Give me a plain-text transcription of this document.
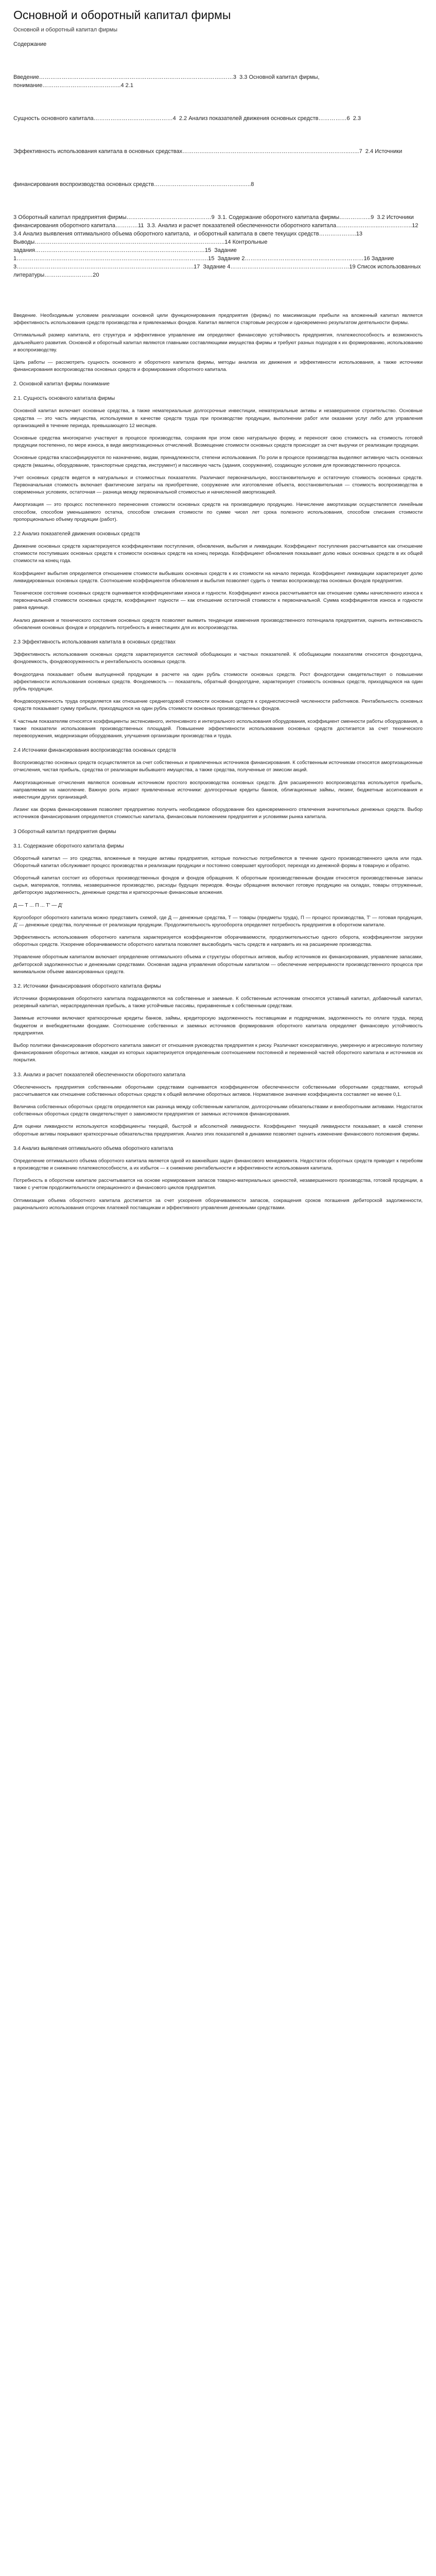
Основной и оборотный капитал фирмы
Основной и оборотный капитал фирмы
Содержание

Введение…………………………………………………………………………………….……3  3.3 Основной капитал фирмы, понимание…………………………………...4 2.1

Сущность основного капитала……………………………………4  2.2 Анализ показателей движения основных средств……………6  2.3

Эффективность использования капитала в основных средствах…………..………………………………………………….……………..…...7  2.4 Источники

финансирования воспроизводства основных средств………………………………………..…..8

3 Оборотный капитал предприятия фирмы………………………………………9  3.1. Содержание оборотного капитала фирмы……………..9  3.2 Источники финансирования оборотного капитала…………11  3.3. Анализ и расчет показателей обеспеченности оборотного капитала…………………..……….……..12  3.4 Анализ выявления оптимального объема оборотного капитала,  и оборотный капитала в свете текущих средств………………..13 Выводы………………………………………………………………………………………..14 Контрольные задания………………………………………………………………………………15  Задание 1……………………………………..………………………………………………….15  Задание 2………………………………………………………16 Задание 3………………………………………………………………………………….17  Задание 4………………………………………………………19 Список использованных литературы…………..…………20

Введение. Необходимым условием реализации основной цели функционирования предприятия (фирмы) по максимизации прибыли на вложенный капитал является эффективность использования средств производства и привлекаемых фондов. Капитал является стартовым ресурсом и одновременно результатом деятельности фирмы.

Оптимальный размер капитала, его структура и эффективное управление им определяют финансовую устойчивость предприятия, платежеспособность и возможность дальнейшего развития. Основной и оборотный капитал являются главными составляющими имущества фирмы и требуют разных подходов к их формированию, использованию и воспроизводству.

Цель работы — рассмотреть сущность основного и оборотного капитала фирмы, методы анализа их движения и эффективности использования, а также источники финансирования воспроизводства основных средств и формирования оборотного капитала.

2. Основной капитал фирмы понимание
2.1. Сущность основного капитала фирмы

Основной капитал включает основные средства, а также нематериальные долгосрочные инвестиции, нематериальные активы и незавершенное строительство. Основные средства — это часть имущества, используемая в качестве средств труда при производстве продукции, выполнении работ или оказании услуг либо для управления организацией в течение периода, превышающего 12 месяцев.

Основные средства многократно участвуют в процессе производства, сохраняя при этом свою натуральную форму, и переносят свою стоимость на стоимость готовой продукции постепенно, по мере износа, в виде амортизационных отчислений. Возмещение стоимости основных средств происходит за счет выручки от реализации продукции.

Основные средства классифицируются по назначению, видам, принадлежности, степени использования. По роли в процессе производства выделяют активную часть основных средств (машины, оборудование, транспортные средства, инструмент) и пассивную часть (здания, сооружения), создающую условия для производственного процесса.

Учет основных средств ведется в натуральных и стоимостных показателях. Различают первоначальную, восстановительную и остаточную стоимость основных средств. Первоначальная стоимость включает фактические затраты на приобретение, сооружение или изготовление объекта, восстановительная — стоимость воспроизводства в современных условиях, остаточная — разница между первоначальной стоимостью и начисленной амортизацией.

Амортизация — это процесс постепенного перенесения стоимости основных средств на производимую продукцию. Начисление амортизации осуществляется линейным способом, способом уменьшаемого остатка, способом списания стоимости по сумме чисел лет срока полезного использования, способом списания стоимости пропорционально объему продукции (работ).

2.2 Анализ показателей движения основных средств

Движение основных средств характеризуется коэффициентами поступления, обновления, выбытия и ликвидации. Коэффициент поступления рассчитывается как отношение стоимости поступивших основных средств к стоимости основных средств на конец периода. Коэффициент обновления показывает долю новых основных средств в их общей стоимости на конец года.

Коэффициент выбытия определяется отношением стоимости выбывших основных средств к их стоимости на начало периода. Коэффициент ликвидации характеризует долю ликвидированных основных средств. Соотношение коэффициентов обновления и выбытия позволяет судить о темпах воспроизводства основных фондов предприятия.

Техническое состояние основных средств оценивается коэффициентами износа и годности. Коэффициент износа рассчитывается как отношение суммы начисленного износа к первоначальной стоимости основных средств, коэффициент годности — как отношение остаточной стоимости к первоначальной. Сумма коэффициентов износа и годности равна единице.

Анализ движения и технического состояния основных средств позволяет выявить тенденции изменения производственного потенциала предприятия, оценить интенсивность обновления основных фондов и определить потребность в инвестициях для их воспроизводства.

2.3 Эффективность использования капитала в основных средствах

Эффективность использования основных средств характеризуется системой обобщающих и частных показателей. К обобщающим показателям относятся фондоотдача, фондоемкость, фондовооруженность и рентабельность основных средств.

Фондоотдача показывает объем выпущенной продукции в расчете на один рубль стоимости основных средств. Рост фондоотдачи свидетельствует о повышении эффективности использования основных средств. Фондоемкость — показатель, обратный фондоотдаче, характеризует стоимость основных средств, приходящуюся на один рубль продукции.

Фондовооруженность труда определяется как отношение среднегодовой стоимости основных средств к среднесписочной численности работников. Рентабельность основных средств показывает сумму прибыли, приходящуюся на один рубль стоимости основных производственных фондов.

К частным показателям относятся коэффициенты экстенсивного, интенсивного и интегрального использования оборудования, коэффициент сменности работы оборудования, а также показатели использования производственных площадей. Повышение эффективности использования основных средств достигается за счет технического перевооружения, модернизации оборудования, улучшения организации производства и труда.

2.4 Источники финансирования воспроизводства основных средств

Воспроизводство основных средств осуществляется за счет собственных и привлеченных источников финансирования. К собственным источникам относятся амортизационные отчисления, чистая прибыль, средства от реализации выбывшего имущества, а также средства, полученные от эмиссии акций.

Амортизационные отчисления являются основным источником простого воспроизводства основных средств. Для расширенного воспроизводства используется прибыль, направляемая на накопление. Важную роль играют привлеченные источники: долгосрочные кредиты банков, облигационные займы, лизинг, бюджетные ассигнования и инвестиции других организаций.

Лизинг как форма финансирования позволяет предприятию получить необходимое оборудование без единовременного отвлечения значительных денежных средств. Выбор источников финансирования определяется стоимостью капитала, финансовым положением предприятия и условиями рынка капитала.

3 Оборотный капитал предприятия фирмы
3.1. Содержание оборотного капитала фирмы

Оборотный капитал — это средства, вложенные в текущие активы предприятия, которые полностью потребляются в течение одного производственного цикла или года. Оборотный капитал обслуживает процесс производства и реализации продукции и постоянно совершает кругооборот, переходя из денежной формы в товарную и обратно.

Оборотный капитал состоит из оборотных производственных фондов и фондов обращения. К оборотным производственным фондам относятся производственные запасы сырья, материалов, топлива, незавершенное производство, расходы будущих периодов. Фонды обращения включают готовую продукцию на складах, товары отгруженные, дебиторскую задолженность, денежные средства и краткосрочные финансовые вложения.

Д — Т ... П ... Т' — Д'

Кругооборот оборотного капитала можно представить схемой, где Д — денежные средства, Т — товары (предметы труда), П — процесс производства, Т' — готовая продукция, Д' — денежные средства, полученные от реализации продукции. Продолжительность кругооборота определяет потребность предприятия в оборотном капитале.

Эффективность использования оборотного капитала характеризуется коэффициентом оборачиваемости, продолжительностью одного оборота, коэффициентом загрузки оборотных средств. Ускорение оборачиваемости оборотного капитала позволяет высвободить часть средств и направить их на расширение производства.

Управление оборотным капиталом включает определение оптимального объема и структуры оборотных активов, выбор источников их финансирования, управление запасами, дебиторской задолженностью и денежными средствами. Основная задача управления оборотным капиталом — обеспечение непрерывности производственного процесса при минимальном объеме авансированных средств.

3.2. Источники финансирования оборотного капитала фирмы

Источники формирования оборотного капитала подразделяются на собственные и заемные. К собственным источникам относятся уставный капитал, добавочный капитал, резервный капитал, нераспределенная прибыль, а также устойчивые пассивы, приравненные к собственным средствам.

Заемные источники включают краткосрочные кредиты банков, займы, кредиторскую задолженность поставщикам и подрядчикам, задолженность по оплате труда, перед бюджетом и внебюджетными фондами. Соотношение собственных и заемных источников формирования оборотного капитала определяет финансовую устойчивость предприятия.

Выбор политики финансирования оборотного капитала зависит от отношения руководства предприятия к риску. Различают консервативную, умеренную и агрессивную политику финансирования оборотных активов, каждая из которых характеризуется определенным соотношением постоянной и переменной частей оборотного капитала и источников их покрытия.

3.3. Анализ и расчет показателей обеспеченности оборотного капитала

Обеспеченность предприятия собственными оборотными средствами оценивается коэффициентом обеспеченности собственными оборотными средствами, который рассчитывается как отношение собственных оборотных средств к общей величине оборотных активов. Нормативное значение коэффициента составляет не менее 0,1.

Величина собственных оборотных средств определяется как разница между собственным капиталом, долгосрочными обязательствами и внеоборотными активами. Недостаток собственных оборотных средств свидетельствует о зависимости предприятия от заемных источников финансирования.

Для оценки ликвидности используются коэффициенты текущей, быстрой и абсолютной ликвидности. Коэффициент текущей ликвидности показывает, в какой степени оборотные активы покрывают краткосрочные обязательства предприятия. Анализ этих показателей в динамике позволяет оценить изменение финансового положения фирмы.

3.4 Анализ выявления оптимального объема оборотного капитала

Определение оптимального объема оборотного капитала является одной из важнейших задач финансового менеджмента. Недостаток оборотных средств приводит к перебоям в производстве и снижению платежеспособности, а их избыток — к снижению рентабельности и эффективности использования капитала.

Потребность в оборотном капитале рассчитывается на основе нормирования запасов товарно-материальных ценностей, незавершенного производства, готовой продукции, а также с учетом продолжительности операционного и финансового циклов предприятия.

Оптимизация объема оборотного капитала достигается за счет ускорения оборачиваемости запасов, сокращения сроков погашения дебиторской задолженности, рационального использования отсрочек платежей поставщикам и эффективного управления денежными средствами.
